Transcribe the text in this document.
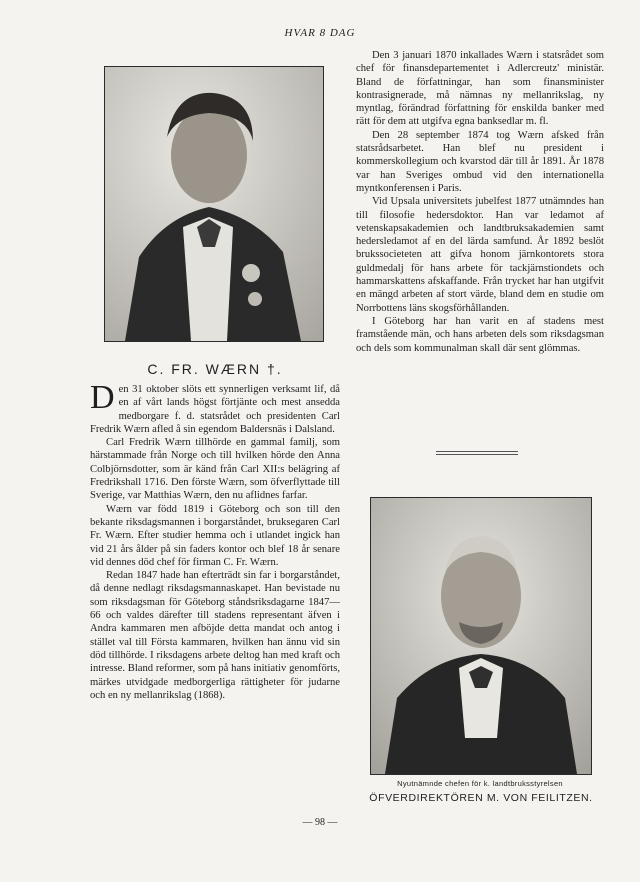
HVAR 8 DAG
C. FR. WÆRN †.

Den 31 oktober slöts ett synnerligen verksamt lif, då en af vårt lands högst förtjänte och mest ansedda medborgare f. d. statsrådet och presidenten Carl Fredrik Wærn afled å sin egendom Baldersnäs i Dalsland.

Carl Fredrik Wærn tillhörde en gammal familj, som härstammade från Norge och till hvilken hörde den Anna Colbjörnsdotter, som är känd från Carl XII:s belägring af Fredrikshall 1716. Den förste Wærn, som öfverflyttade till Sverige, var Matthias Wærn, den nu aflidnes farfar.

Wærn var född 1819 i Göteborg och son till den bekante riksdagsmannen i borgarståndet, bruksegaren Carl Fr. Wærn. Efter studier hemma och i utlandet ingick han vid 21 års ålder på sin faders kontor och blef 18 år senare vid dennes död chef för firman C. Fr. Wærn.

Redan 1847 hade han efterträdt sin far i borgarståndet, då denne nedlagt riksdagsmannaskapet. Han bevistade nu som riksdagsman för Göteborg ståndsriksdagarne 1847—66 och valdes därefter till stadens representant äfven i Andra kammaren men afböjde detta mandat och antog i stället val till Första kammaren, hvilken han ännu vid sin död tillhörde. I riksdagens arbete deltog han med kraft och intresse. Bland reformer, som på hans initiativ genomförts, märkes utvidgade medborgerliga rättigheter för judarne och en ny mellanrikslag (1868).

Den 3 januari 1870 inkallades Wærn i statsrådet som chef för finansdepartementet i Adlercreutz' ministär. Bland de författningar, han som finansminister kontrasignerade, må nämnas ny mellanrikslag, ny myntlag, förändrad författning för enskilda banker med rätt för dem att utgifva egna banksedlar m. fl.

Den 28 september 1874 tog Wærn afsked från statsrådsarbetet. Han blef nu president i kommerskollegium och kvarstod där till år 1891. År 1878 var han Sveriges ombud vid den internationella myntkonferensen i Paris.

Vid Upsala universitets jubelfest 1877 utnämndes han till filosofie hedersdoktor. Han var ledamot af vetenskapsakademien och landtbruksakademien samt hedersledamot af en del lärda samfund. År 1892 beslöt brukssocieteten att gifva honom järnkontorets stora guldmedalj för hans arbete för tackjärnstiondets och hammarskattens afskaffande. Från trycket har han utgifvit en mängd arbeten af stort värde, bland dem en studie om Norrbottens läns skogsförhållanden.

I Göteborg har han varit en af stadens mest framstående män, och hans arbeten dels som riksdagsman och dels som kommunalman skall där sent glömmas.

Nyutnämnde chefen för k. landtbruksstyrelsen
ÖFVERDIREKTÖREN M. VON FEILITZEN.
— 98 —
